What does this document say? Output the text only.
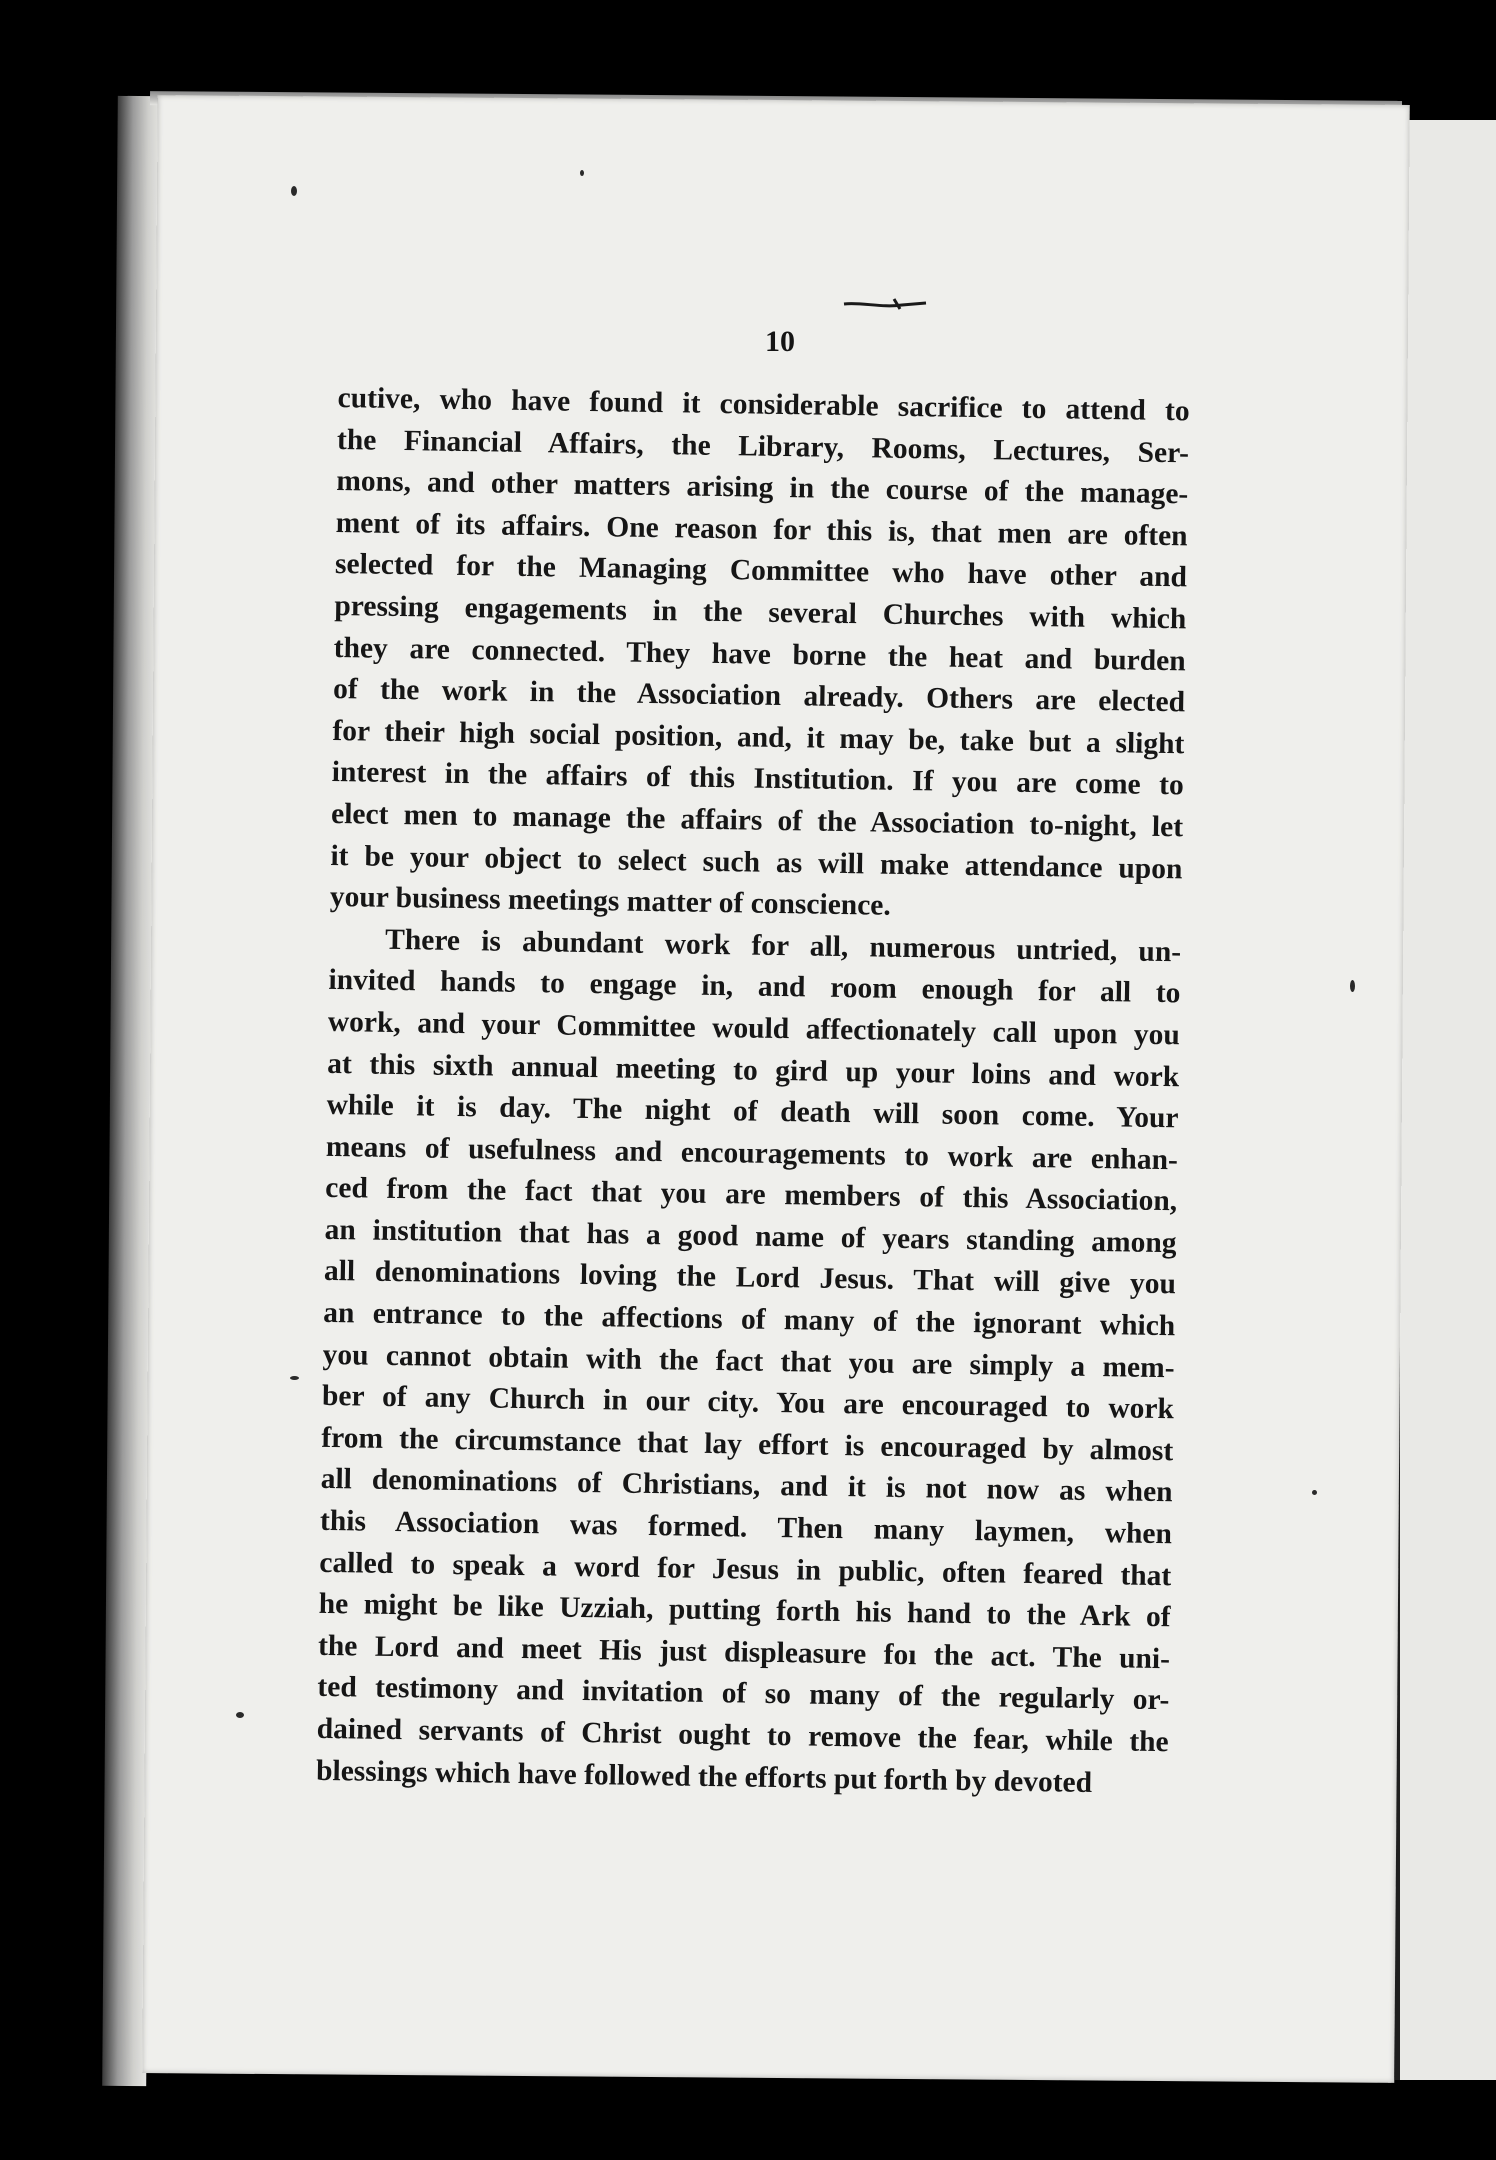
10
cutive, who have found it considerable sacrifice to attend to
the Financial Affairs, the Library, Rooms, Lectures, Ser-
mons, and other matters arising in the course of the manage-
ment of its affairs. One reason for this is, that men are often
selected for the Managing Committee who have other and
pressing engagements in the several Churches with which
they are connected. They have borne the heat and burden
of the work in the Association already. Others are elected
for their high social position, and, it may be, take but a slight
interest in the affairs of this Institution. If you are come to
elect men to manage the affairs of the Association to-night, let
it be your object to select such as will make attendance upon
your business meetings matter of conscience.
There is abundant work for all, numerous untried, un-
invited hands to engage in, and room enough for all to
work, and your Committee would affectionately call upon you
at this sixth annual meeting to gird up your loins and work
while it is day. The night of death will soon come. Your
means of usefulness and encouragements to work are enhan-
ced from the fact that you are members of this Association,
an institution that has a good name of years standing among
all denominations loving the Lord Jesus. That will give you
an entrance to the affections of many of the ignorant which
you cannot obtain with the fact that you are simply a mem-
ber of any Church in our city. You are encouraged to work
from the circumstance that lay effort is encouraged by almost
all denominations of Christians, and it is not now as when
this Association was formed. Then many laymen, when
called to speak a word for Jesus in public, often feared that
he might be like Uzziah, putting forth his hand to the Ark of
the Lord and meet His just displeasure foı the act. The uni-
ted testimony and invitation of so many of the regularly or-
dained servants of Christ ought to remove the fear, while the
blessings which have followed the efforts put forth by devoted
